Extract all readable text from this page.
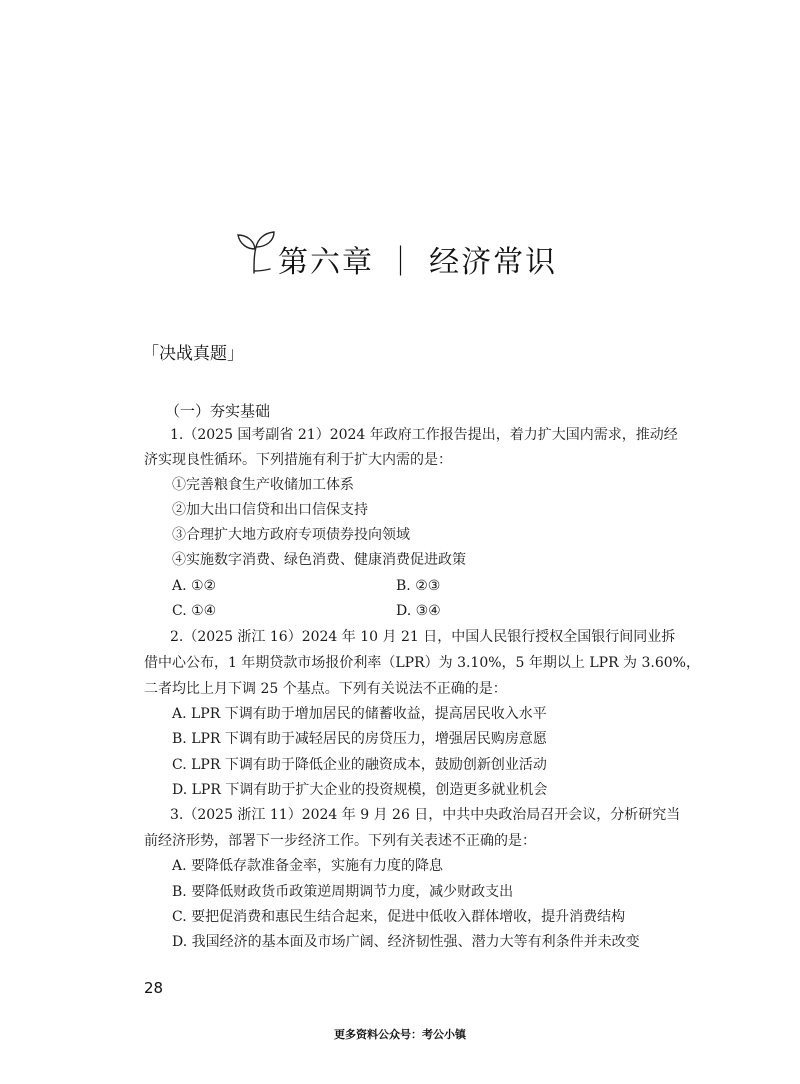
第六章 ｜ 经济常识
「决战真题」
（一）夯实基础
1.（2025 国考副省 21）2024 年政府工作报告提出，着力扩大国内需求，推动经
济实现良性循环。下列措施有利于扩大内需的是：
①完善粮食生产收储加工体系
②加大出口信贷和出口信保支持
③合理扩大地方政府专项债券投向领域
④实施数字消费、绿色消费、健康消费促进政策
A. ①②	B. ②③
C. ①④	D. ③④
2.（2025 浙江 16）2024 年 10 月 21 日，中国人民银行授权全国银行间同业拆
借中心公布，1 年期贷款市场报价利率（LPR）为 3.10%，5 年期以上 LPR 为 3.60%，
二者均比上月下调 25 个基点。下列有关说法不正确的是：
A. LPR 下调有助于增加居民的储蓄收益，提高居民收入水平
B. LPR 下调有助于减轻居民的房贷压力，增强居民购房意愿
C. LPR 下调有助于降低企业的融资成本，鼓励创新创业活动
D. LPR 下调有助于扩大企业的投资规模，创造更多就业机会
3.（2025 浙江 11）2024 年 9 月 26 日，中共中央政治局召开会议，分析研究当
前经济形势，部署下一步经济工作。下列有关表述不正确的是：
A. 要降低存款准备金率，实施有力度的降息
B. 要降低财政货币政策逆周期调节力度，减少财政支出
C. 要把促消费和惠民生结合起来，促进中低收入群体增收，提升消费结构
D. 我国经济的基本面及市场广阔、经济韧性强、潜力大等有利条件并未改变
28
更多资料公众号：考公小镇
